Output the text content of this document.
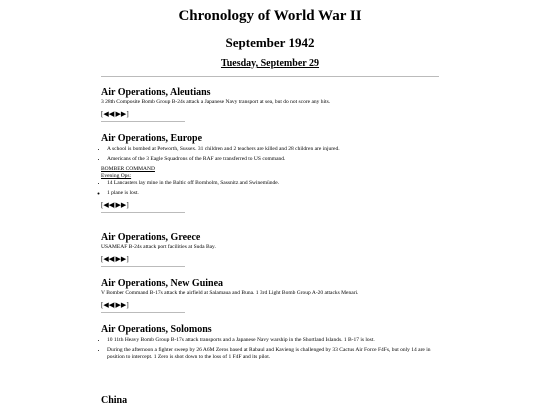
Chronology of World War II
September 1942
Tuesday, September 29
Air Operations, Aleutians
3 28th Composite Bomb Group B-24s attack a Japanese Navy transport at sea, but do not score any hits.
[◀◀|▶▶]
Air Operations, Europe
• A school is bombed at Petworth, Sussex. 31 children and 2 teachers are killed and 28 children are injured.
• Americans of the 3 Eagle Squadrons of the RAF are transferred to US command.
BOMBER COMMAND
Evening Ops:
• 14 Lancasters lay mine in the Baltic off Bornholm, Sassnitz and Swinemünde.
◦ 1 plane is lost.
[◀◀|▶▶]
Air Operations, Greece
USAMEAF B-24s attack port facilities at Suda Bay.
[◀◀|▶▶]
Air Operations, New Guinea
V Bomber Command B-17s attack the airfield at Salamaua and Buna. 1 3rd Light Bomb Group A-20 attacks Menari.
[◀◀|▶▶]
Air Operations, Solomons
• 10 11th Heavy Bomb Group B-17s attack transports and a Japanese Navy warship in the Shortland Islands. 1 B-17 is lost.
• During the afternoon a fighter sweep by 26 A6M Zeros based at Rabaul and Kavieng is challenged by 33 Cactus Air Force F4Fs, but only 14 are in position to intercept. 1 Zero is shot down to the loss of 1 F4F and its pilot.
China
